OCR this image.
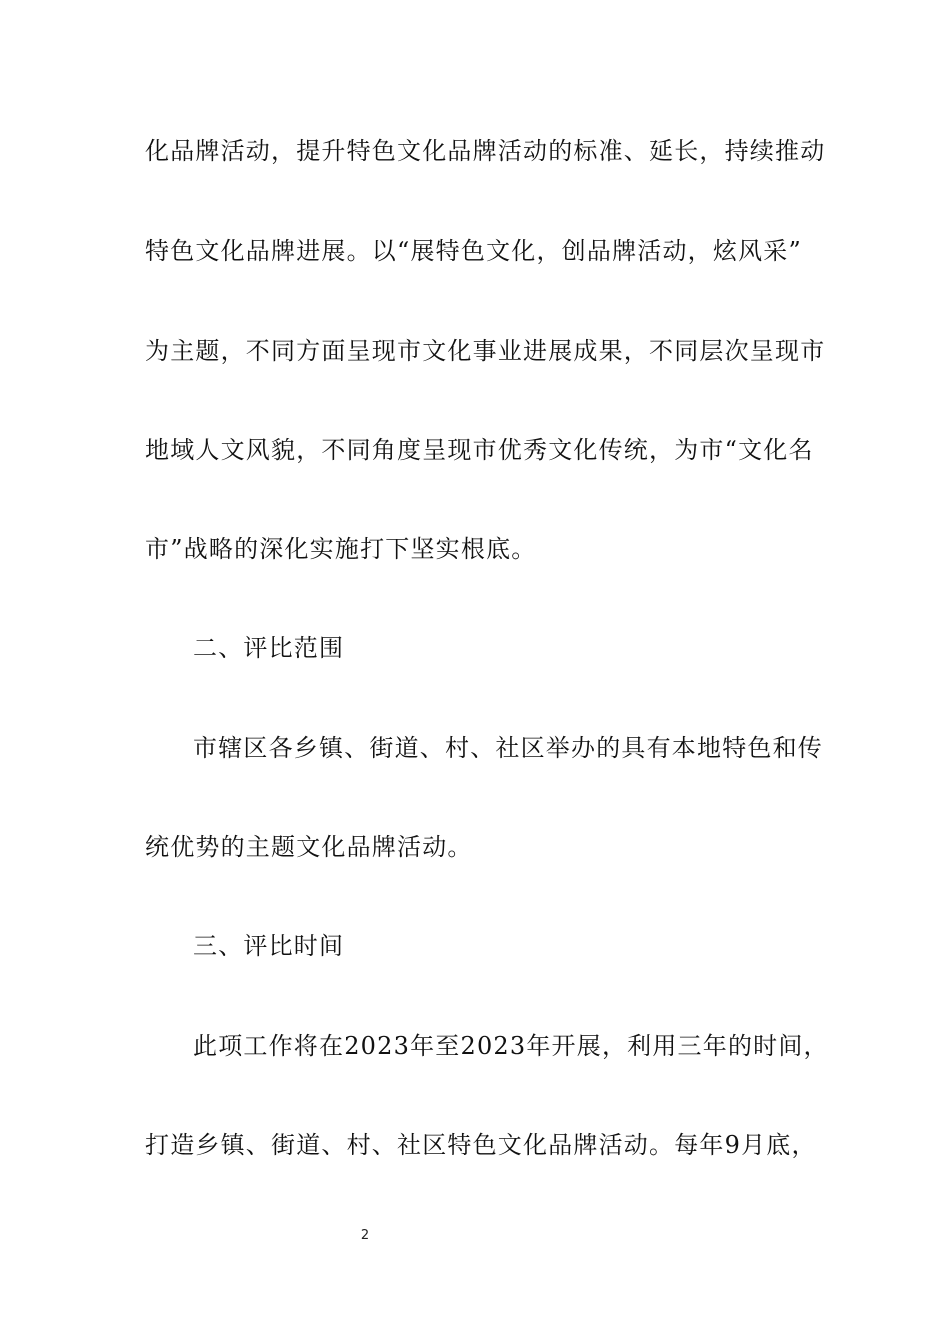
化品牌活动，提升特色文化品牌活动的标准、延长，持续推动
特色文化品牌进展。以“展特色文化，创品牌活动，炫风采”
为主题，不同方面呈现市文化事业进展成果，不同层次呈现市
地域人文风貌，不同角度呈现市优秀文化传统，为市“文化名
市”战略的深化实施打下坚实根底。
二、评比范围
市辖区各乡镇、街道、村、社区举办的具有本地特色和传
统优势的主题文化品牌活动。
三、评比时间
此项工作将在2023年至2023年开展，利用三年的时间，
打造乡镇、街道、村、社区特色文化品牌活动。每年9月底，
2
